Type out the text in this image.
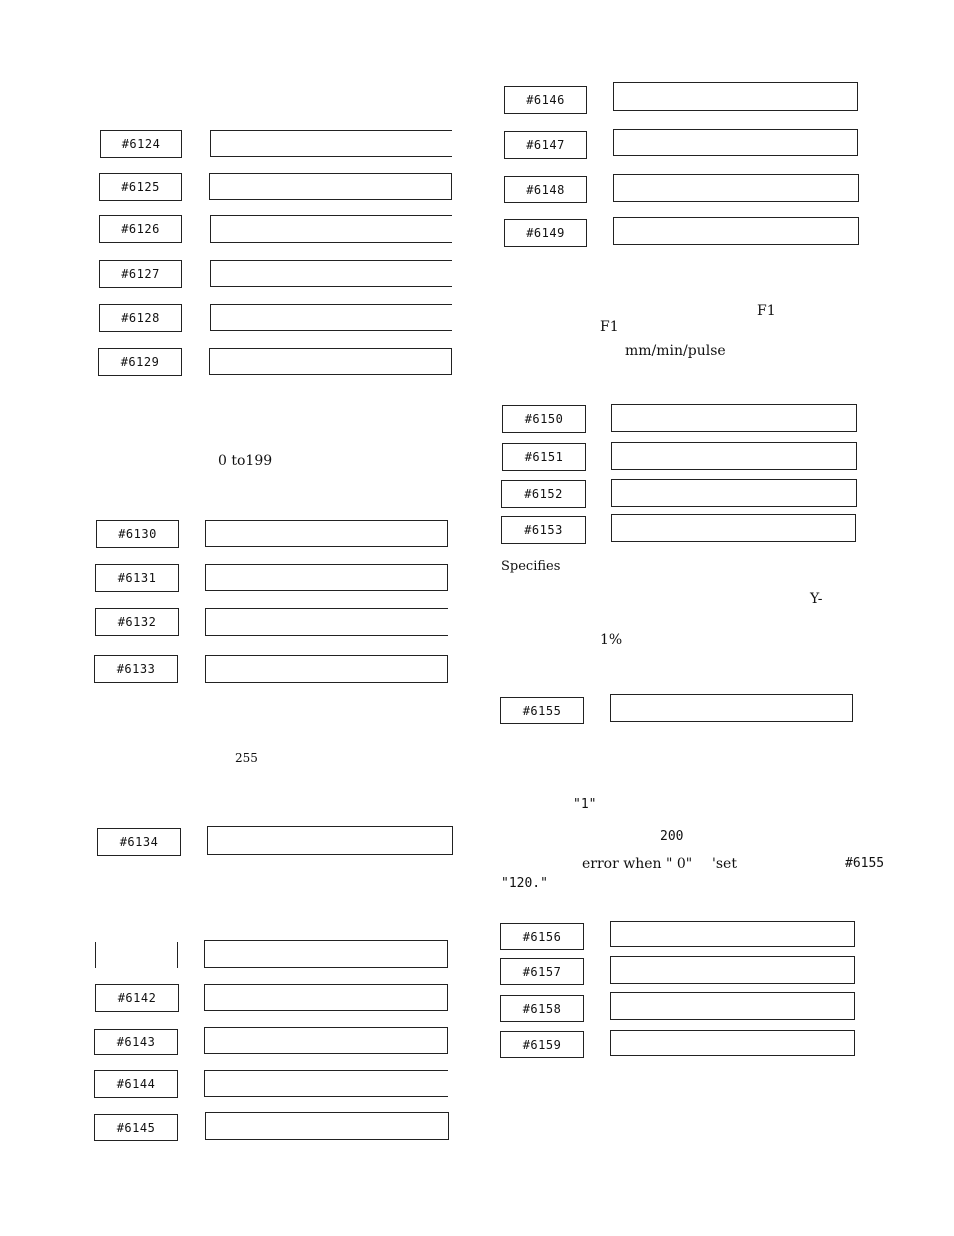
#6124
#6125
#6126
#6127
#6128
#6129
0 to199
#6130
#6131
#6132
#6133
255
#6134
#6142
#6143
#6144
#6145
#6146
#6147
#6148
#6149
F1
F1
mm/min/pulse
#6150
#6151
#6152
#6153
Specifies
Y-
1%
#6155
"1"
200
error when " 0" 'set	#6155
"120."
#6156
#6157
#6158
#6159
